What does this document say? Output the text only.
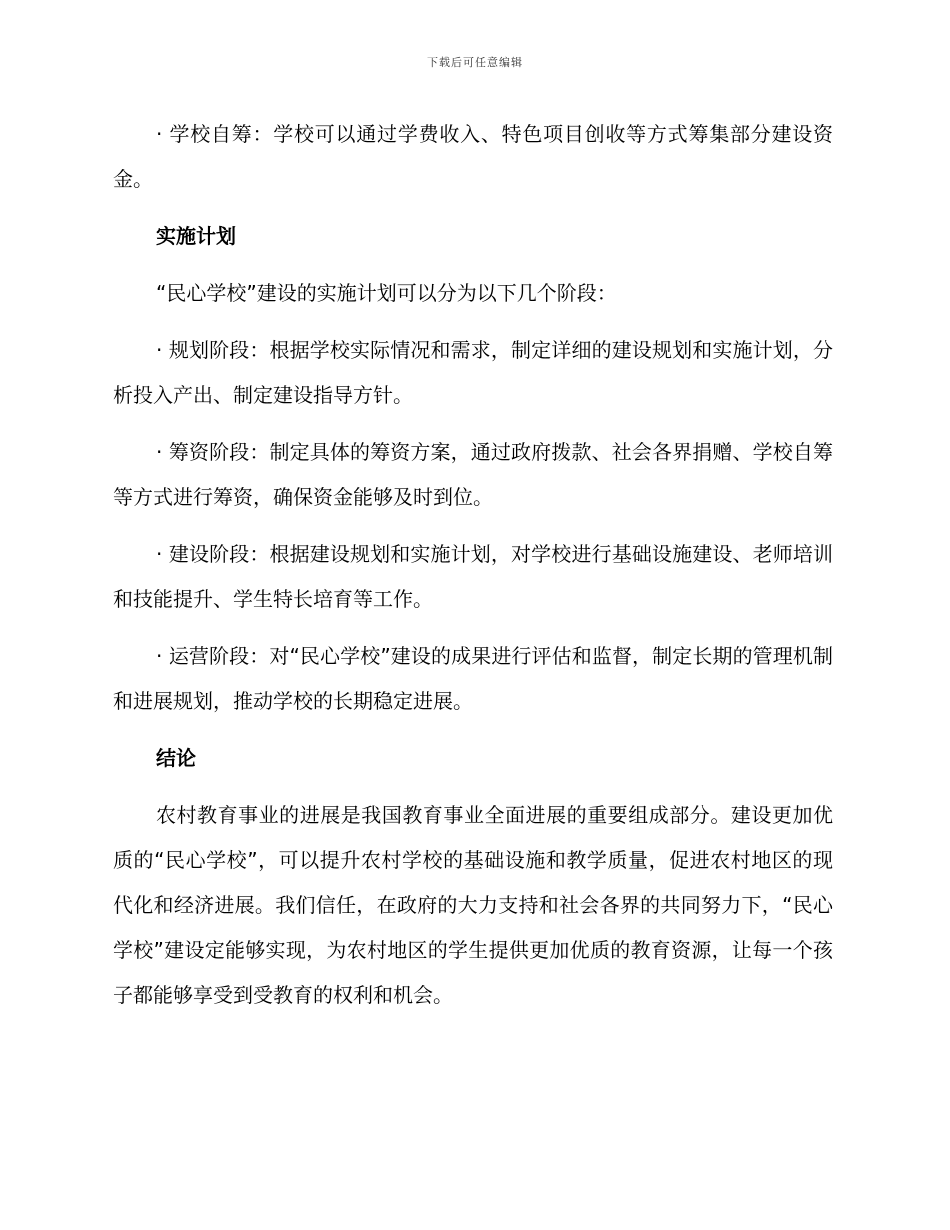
下载后可任意编辑

· 学校自筹：学校可以通过学费收入、特色项目创收等方式筹集部分建设资金。

实施计划

“民心学校”建设的实施计划可以分为以下几个阶段：

· 规划阶段：根据学校实际情况和需求，制定详细的建设规划和实施计划，分析投入产出、制定建设指导方针。

· 筹资阶段：制定具体的筹资方案，通过政府拨款、社会各界捐赠、学校自筹等方式进行筹资，确保资金能够及时到位。

· 建设阶段：根据建设规划和实施计划，对学校进行基础设施建设、老师培训和技能提升、学生特长培育等工作。

· 运营阶段：对“民心学校”建设的成果进行评估和监督，制定长期的管理机制和进展规划，推动学校的长期稳定进展。

结论

农村教育事业的进展是我国教育事业全面进展的重要组成部分。建设更加优质的“民心学校”，可以提升农村学校的基础设施和教学质量，促进农村地区的现代化和经济进展。我们信任，在政府的大力支持和社会各界的共同努力下，“民心学校”建设定能够实现，为农村地区的学生提供更加优质的教育资源，让每一个孩子都能够享受到受教育的权利和机会。
